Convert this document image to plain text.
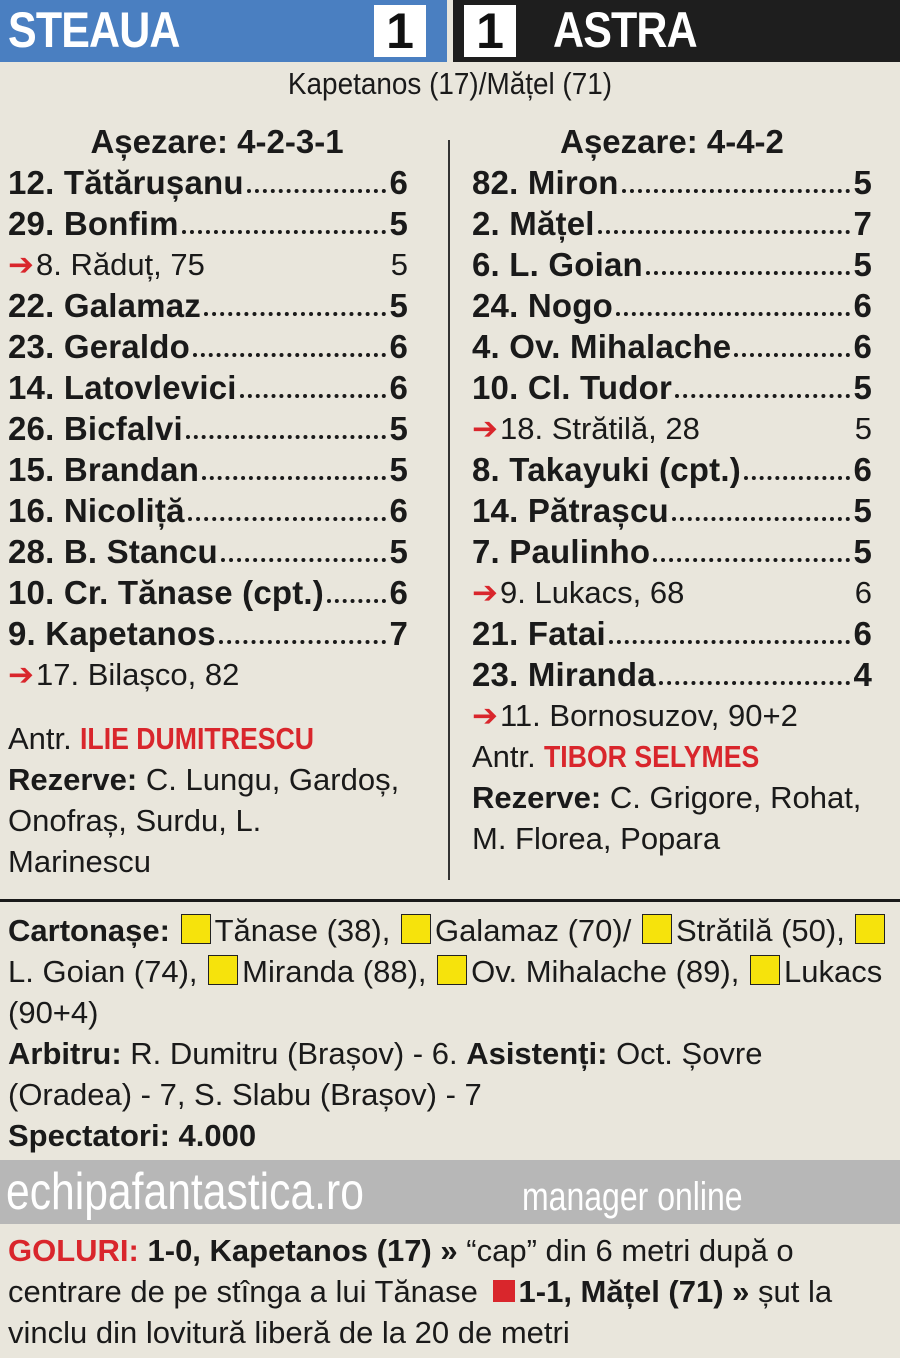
STEAUA	1 1 ASTRA
Kapetanos (17)/Mățel (71)
Așezare: 4-2-3-1
12. Tătărușanu	6
29. Bonfim	5
➔ 8. Răduț, 75	5
22. Galamaz	5
23. Geraldo	6
14. Latovlevici	6
26. Bicfalvi	5
15. Brandan	5
16. Nicoliță	6
28. B. Stancu	5
10. Cr. Tănase (cpt.) 6
9. Kapetanos	7
➔ 17. Bilașco, 82
Antr. ILIE DUMITRESCU
Rezerve: C. Lungu, Gardoș, Onofraș, Surdu, L. Marinescu
Așezare: 4-4-2
82. Miron	5
2. Mățel	7
6. L. Goian	5
24. Nogo	6
4. Ov. Mihalache	6
10. Cl. Tudor	5
➔ 18. Strătilă, 28	5
8. Takayuki (cpt.)	6
14. Pătrașcu	5
7. Paulinho	5
➔ 9. Lukacs, 68	6
21. Fatai	6
23. Miranda	4
➔ 11. Bornosuzov, 90+2
Antr. TIBOR SELYMES
Rezerve: C. Grigore, Rohat, M. Florea, Popara
Cartonașe: Tănase (38), Galamaz (70)/ Strătilă (50), L. Goian (74), Miranda (88), Ov. Mihalache (89), Lukacs (90+4)
Arbitru: R. Dumitru (Brașov) - 6. Asistenți: Oct. Șovre (Oradea) - 7, S. Slabu (Brașov) - 7
Spectatori: 4.000
echipafantastica.ro	manager online
GOLURI: 1-0, Kapetanos (17) » “cap” din 6 metri după o centrare de pe stînga a lui Tănase 1-1, Mățel (71) » șut la vinclu din lovitură liberă de la 20 de metri
